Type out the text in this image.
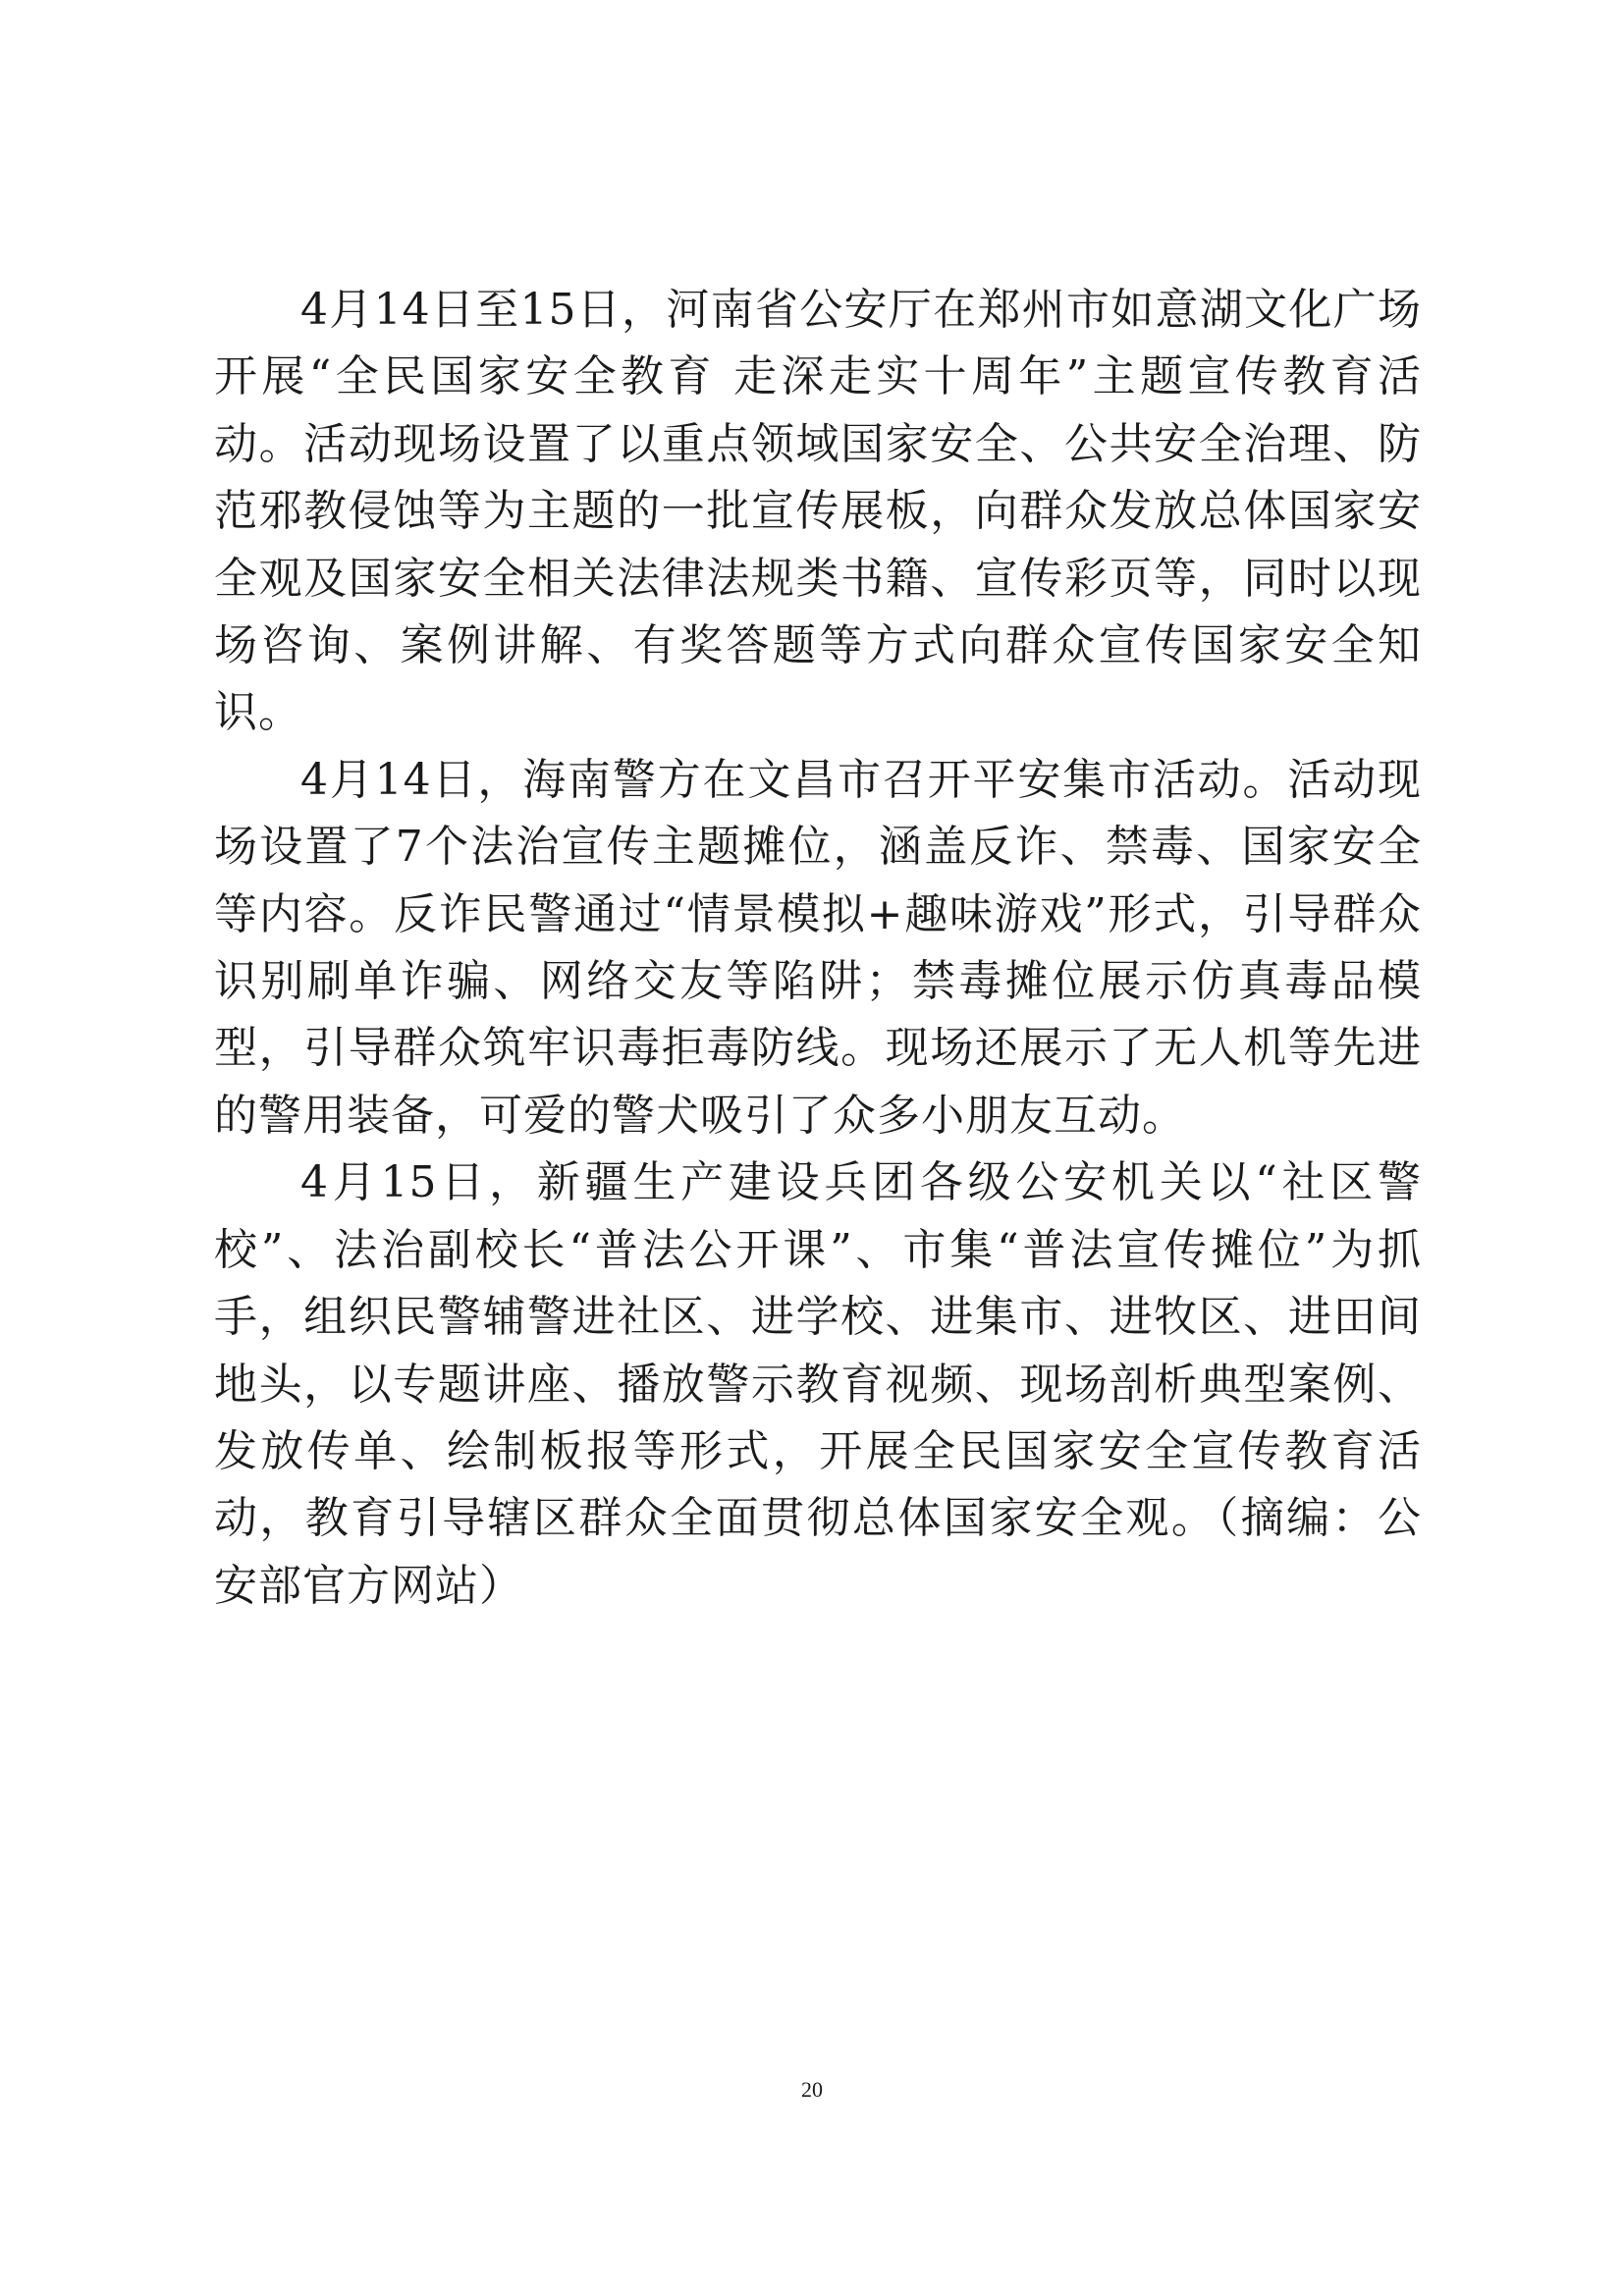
4月14日至15日，河南省公安厅在郑州市如意湖文化广场开展“全民国家安全教育 走深走实十周年”主题宣传教育活动。活动现场设置了以重点领域国家安全、公共安全治理、防范邪教侵蚀等为主题的一批宣传展板，向群众发放总体国家安全观及国家安全相关法律法规类书籍、宣传彩页等，同时以现场咨询、案例讲解、有奖答题等方式向群众宣传国家安全知识。

4月14日，海南警方在文昌市召开平安集市活动。活动现场设置了7个法治宣传主题摊位，涵盖反诈、禁毒、国家安全等内容。反诈民警通过“情景模拟+趣味游戏”形式，引导群众识别刷单诈骗、网络交友等陷阱；禁毒摊位展示仿真毒品模型，引导群众筑牢识毒拒毒防线。现场还展示了无人机等先进的警用装备，可爱的警犬吸引了众多小朋友互动。

4月15日，新疆生产建设兵团各级公安机关以“社区警校”、法治副校长“普法公开课”、市集“普法宣传摊位”为抓手，组织民警辅警进社区、进学校、进集市、进牧区、进田间地头，以专题讲座、播放警示教育视频、现场剖析典型案例、发放传单、绘制板报等形式，开展全民国家安全宣传教育活动，教育引导辖区群众全面贯彻总体国家安全观。（摘编：公安部官方网站）

20
